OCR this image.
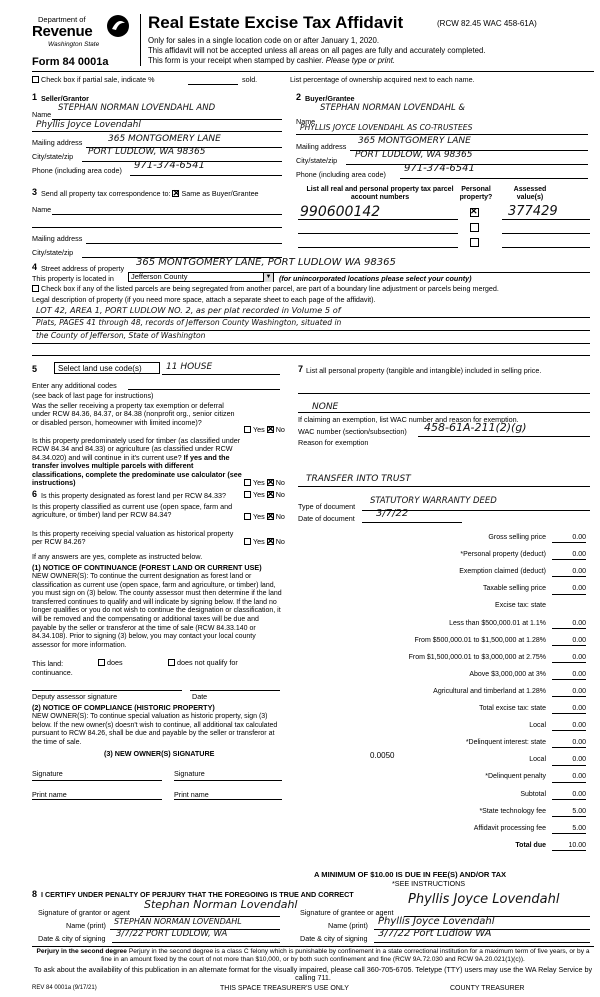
Department of
Revenue
Washington State
Form 84 0001a
Real Estate Excise Tax Affidavit	(RCW 82.45 WAC 458-61A)
Only for sales in a single location code on or after January 1, 2020.
This affidavit will not be accepted unless all areas on all pages are fully and accurately completed.
This form is your receipt when stamped by cashier. Please type or print.
Check box if partial sale, indicate %	sold.	List percentage of ownership acquired next to each name.
1 Seller/Grantor
Name
STEPHAN NORMAN LOVENDAHL AND
Phyllis Joyce Lovendahl
Mailing address	365 MONTGOMERY LANE
City/state/zip PORT LUDLOW, WA 98365
Phone (including area code) 971-374-6541
2 Buyer/Grantee
STEPHAN NORMAN LOVENDAHL &
Name
PHYLLIS JOYCE LOVENDAHL AS CO-TRUSTEES
Mailing address
365 MONTGOMERY LANE
City/state/zip
PORT LUDLOW, WA 98365
Phone (including area code)
971-374-6541
3 Send all property tax correspondence to: ✕ Same as Buyer/Grantee
Name
Mailing address
City/state/zip
List all real and personal property tax parcel account numbers
Personal property?
Assessed value(s)
990600142 ✕	377429
4 Street address of property
365 MONTGOMERY LANE, PORT LUDLOW WA 98365
This property is located in	Jefferson County	▼ (for unincorporated locations please select your county)
Check box if any of the listed parcels are being segregated from another parcel, are part of a boundary line adjustment or parcels being merged.
Legal description of property (if you need more space, attach a separate sheet to each page of the affidavit).
LOT 42, AREA 1, PORT LUDLOW NO. 2, as per plat recorded in Volume 5 of
Plats, PAGES 41 through 48, records of Jefferson County Washington, situated in
the County of Jefferson, State of Washington
5	Select land use code(s)	11 HOUSE
Enter any additional codes
(see back of last page for instructions)
Was the seller receiving a property tax exemption or deferral under RCW 84.36, 84.37, or 84.38 (nonprofit org., senior citizen or disabled person, homeowner with limited income)?
Yes ✕ No
Is this property predominately used for timber (as classified under RCW 84.34 and 84.33) or agriculture (as classified under RCW 84.34.020) and will continue in it's current use? If yes and the transfer involves multiple parcels with different classifications, complete the predominate use calculator (see instructions)	Yes ✕ No
6 Is this property designated as forest land per RCW 84.33?	Yes ✕ No
Is this property classified as current use (open space, farm and agriculture, or timber) land per RCW 84.34?	Yes ✕ No
Is this property receiving special valuation as historical property per RCW 84.26?	Yes ✕ No
If any answers are yes, complete as instructed below.
(1) NOTICE OF CONTINUANCE (FOREST LAND OR CURRENT USE)
NEW OWNER(S): To continue the current designation as forest land or classification as current use (open space, farm and agriculture, or timber) land, you must sign on (3) below. The county assessor must then determine if the land transferred continues to qualify and will indicate by signing below. If the land no longer qualifies or you do not wish to continue the designation or classification, it will be removed and the compensating or additional taxes will be due and payable by the seller or transferor at the time of sale (RCW 84.33.140 or 84.34.108). Prior to signing (3) below, you may contact your local county assessor for more information.
This land:	does	does not qualify for
continuance.
Deputy assessor signature	Date
(2) NOTICE OF COMPLIANCE (HISTORIC PROPERTY)
NEW OWNER(S): To continue special valuation as historic property, sign (3) below. If the new owner(s) doesn't wish to continue, all additional tax calculated pursuant to RCW 84.26, shall be due and payable by the seller or transferor at the time of sale.
(3) NEW OWNER(S) SIGNATURE
Signature	Signature
Print name	Print name
7 List all personal property (tangible and intangible) included in selling price.
NONE
If claiming an exemption, list WAC number and reason for exemption.
WAC number (section/subsection) 458-61A-211(2)(g)
Reason for exemption
TRANSFER INTO TRUST
Type of document
STATUTORY WARRANTY DEED
Date of document 3/7/22
Gross selling price	0.00
*Personal property (deduct)	0.00
Exemption claimed (deduct)	0.00
Taxable selling price	0.00
Excise tax: state
Less than $500,000.01 at 1.1%	0.00
From $500,000.01 to $1,500,000 at 1.28%	0.00
From $1,500,000.01 to $3,000,000 at 2.75%	0.00
Above $3,000,000 at 3%	0.00
Agricultural and timberland at 1.28%	0.00
Total excise tax: state	0.00
Local	0.00
*Delinquent interest: state	0.00
Local	0.00
*Delinquent penalty	0.00
Subtotal	0.00
*State technology fee	5.00
Affidavit processing fee	5.00
Total due	10.00
0.0050
A MINIMUM OF $10.00 IS DUE IN FEE(S) AND/OR TAX
*SEE INSTRUCTIONS
8 I CERTIFY UNDER PENALTY OF PERJURY THAT THE FOREGOING IS TRUE AND CORRECT
Signature of grantor or agent
Stephan Norman Lovendahl
Name (print) STEPHAN NORMAN LOVENDAHL
Date & city of signing 3/7/22 PORT LUDLOW, WA
Signature of grantee or agent
Phyllis Joyce Lovendahl
Name (print) Phyllis Joyce Lovendahl
Date & city of signing 3/7/22 Port Ludlow WA
Perjury in the second degree Perjury in the second degree is a class C felony which is punishable by confinement in a state correctional institution for a maximum term of five years, or by a fine in an amount fixed by the court of not more than $10,000, or by both such confinement and fine (RCW 9A.72.030 and RCW 9A.20.021(1)(c)).
To ask about the availability of this publication in an alternate format for the visually impaired, please call 360-705-6705. Teletype (TTY) users may use the WA Relay Service by calling 711.
REV 84 0001a (9/17/21)	THIS SPACE TREASURER'S USE ONLY	COUNTY TREASURER
